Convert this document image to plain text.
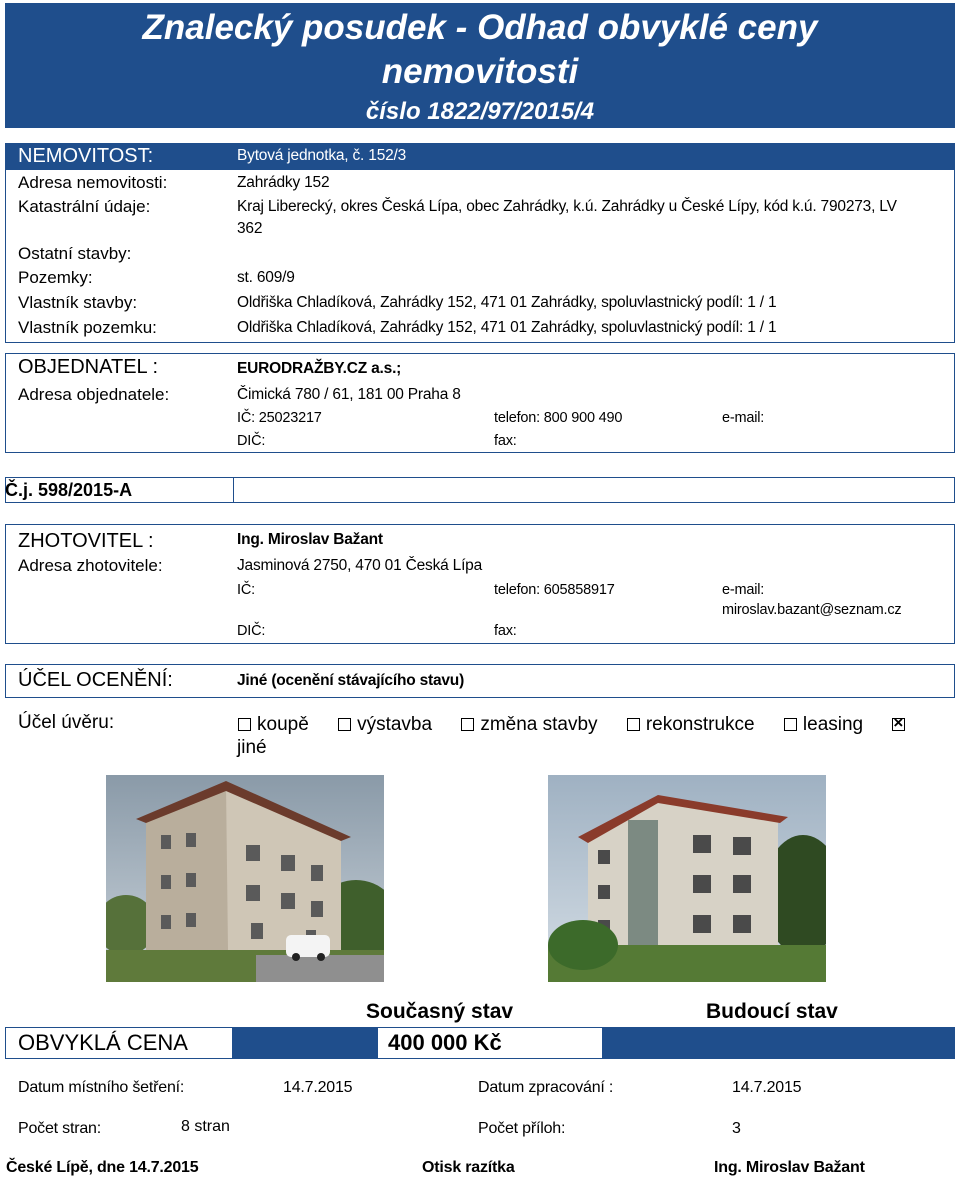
Znalecký posudek - Odhad obvyklé ceny
nemovitosti
číslo 1822/97/2015/4
NEMOVITOST:	Bytová jednotka, č. 152/3
Adresa nemovitosti:	Zahrádky 152
Katastrální údaje:	Kraj Liberecký, okres Česká Lípa, obec Zahrádky, k.ú. Zahrádky u České Lípy, kód k.ú. 790273, LV
362
Ostatní stavby:
Pozemky:	st. 609/9
Vlastník stavby:	Oldřiška Chladíková, Zahrádky 152, 471 01 Zahrádky, spoluvlastnický podíl: 1 / 1
Vlastník pozemku:	Oldřiška Chladíková, Zahrádky 152, 471 01 Zahrádky, spoluvlastnický podíl: 1 / 1
OBJEDNATEL :	EURODRAŽBY.CZ a.s.;
Adresa objednatele:	Čimická 780 / 61, 181 00 Praha 8
IČ: 25023217	telefon: 800 900 490	e-mail:
DIČ:	fax:
Č.j. 598/2015-A
ZHOTOVITEL :	Ing. Miroslav Bažant
Adresa zhotovitele:	Jasminová 2750, 470 01 Česká Lípa
IČ:	telefon: 605858917	e-mail:
miroslav.bazant@seznam.cz
DIČ:	fax:
ÚČEL OCENĚNÍ:	Jiné (ocenění stávajícího stavu)
Účel úvěru:	koupě	výstavba	změna stavby	rekonstrukce	leasing ×
jiné
Současný stav	Budoucí stav
OBVYKLÁ CENA	400 000 Kč
Datum místního šetření:	14.7.2015	Datum zpracování :	14.7.2015
Počet stran:	8 stran	Počet příloh:	3
České Lípě, dne 14.7.2015	Otisk razítka	Ing. Miroslav Bažant
